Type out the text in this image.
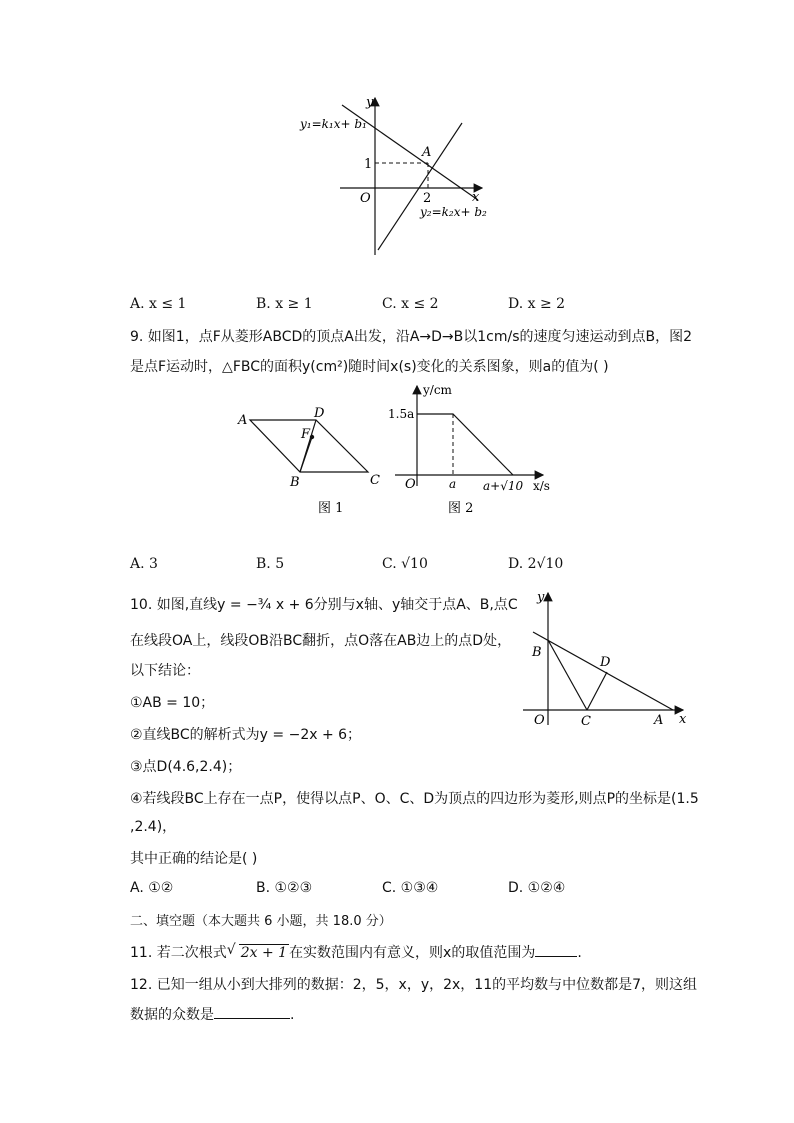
y
x
O
y₁=k₁x+ b₁
y₂=k₂x+ b₂
A
1
2
A. x ≤ 1	B. x ≥ 1	C. x ≤ 2	D. x ≥ 2
9. 如图1，点F从菱形ABCD的顶点A出发，沿A→D→B以1cm/s的速度匀速运动到点B，图2
是点F运动时，△FBC的面积y(cm²)随时间x(s)变化的关系图象，则a的值为( )
A	D
F
B	C
图 1
y/cm
1.5a
O	a a+√10 x/s
图 2
A. 3	B. 5	C. √10	D. 2√10
10. 如图,直线y = −¾ x + 6分别与x轴、y轴交于点A、B,点C
在线段OA上，线段OB沿BC翻折，点O落在AB边上的点D处，
以下结论：
①AB = 10；
②直线BC的解析式为y = −2x + 6；
③点D(4.6,2.4)；
④若线段BC上存在一点P，使得以点P、O、C、D为顶点的四边形为菱形,则点P的坐标是(1.5
,2.4)，
其中正确的结论是( )
y
x
O
B
C
D
A
A. ①②	B. ①②③	C. ①③④	D. ①②④
二、填空题（本大题共 6 小题，共 18.0 分）
11. 若二次根式 √ 2x + 1 在实数范围内有意义，则x的取值范围为	.
12. 已知一组从小到大排列的数据：2，5，x，y，2x，11的平均数与中位数都是7，则这组
数据的众数是	.
